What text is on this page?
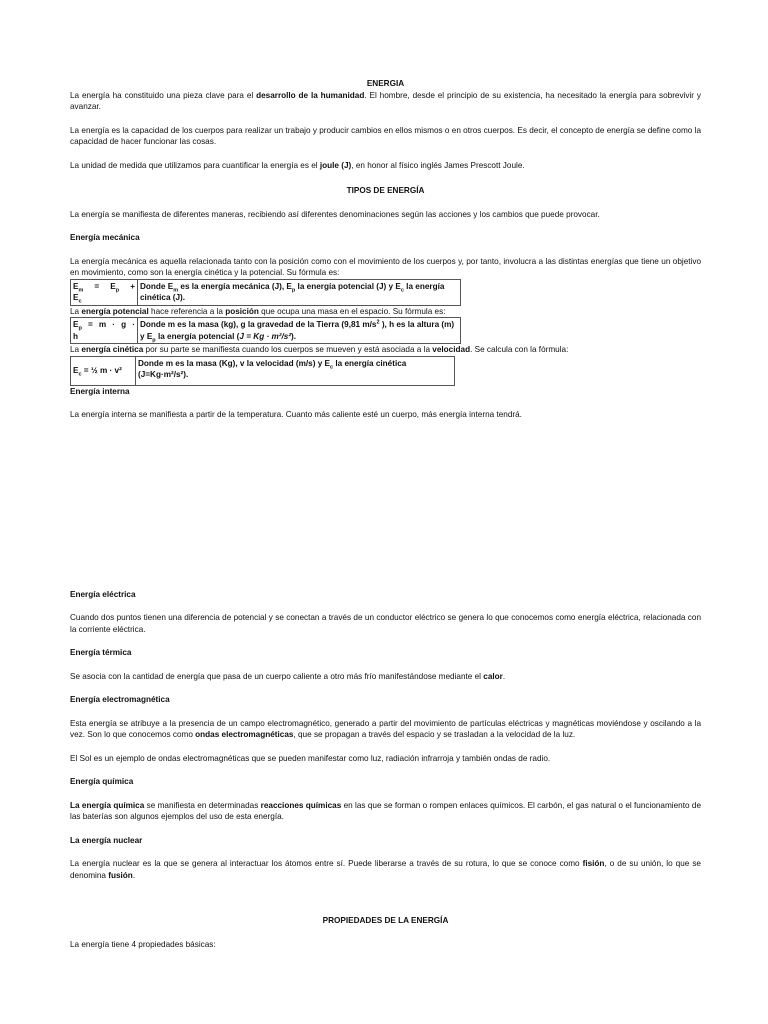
ENERGIA

La energía ha constituido una pieza clave para el desarrollo de la humanidad. El hombre, desde el principio de su existencia, ha necesitado la energía para sobrevivir y avanzar.

La energía es la capacidad de los cuerpos para realizar un trabajo y producir cambios en ellos mismos o en otros cuerpos. Es decir, el concepto de energía se define como la capacidad de hacer funcionar las cosas.

La unidad de medida que utilizamos para cuantificar la energía es el joule (J), en honor al físico inglés James Prescott Joule.

TIPOS DE ENERGÍA

La energía se manifiesta de diferentes maneras, recibiendo así diferentes denominaciones según las acciones y los cambios que puede provocar.

Energía mecánica

La energía mecánica es aquella relacionada tanto con la posición como con el movimiento de los cuerpos y, por tanto, involucra a las distintas energías que tiene un objetivo en movimiento, como son la energía cinética y la potencial. Su fórmula es:

$E_m = E_p$ +
$E_c$
	Donde $E_m$ es la energía mecánica (J), $E_p$ la energía potencial (J) y $E_c$ la energía cinética (J).

La energía potencial hace referencia a la posición que ocupa una masa en el espacio. Su fórmula es:

$E_p = m \cdot g$ ·
h
	Donde m es la masa (kg), g la gravedad de la Tierra (9,81 $m/s^2$ ), h es la altura (m) y $E_p$ la energía potencial (J = Kg · m²/s²).

La energía cinética por su parte se manifiesta cuando los cuerpos se mueven y está asociada a la velocidad. Se calcula con la fórmula:

$E_c$ = ½ m · v²	Donde m es la masa (Kg), v la velocidad (m/s) y $E_c$ la energía cinética (J=Kg·m²/s²).

Energía interna

La energía interna se manifiesta a partir de la temperatura. Cuanto más caliente esté un cuerpo, más energía interna tendrá.

Energía eléctrica

Cuando dos puntos tienen una diferencia de potencial y se conectan a través de un conductor eléctrico se genera lo que conocemos como energía eléctrica, relacionada con la corriente eléctrica.

Energía térmica

Se asocia con la cantidad de energía que pasa de un cuerpo caliente a otro más frío manifestándose mediante el calor.

Energía electromagnética

Esta energía se atribuye a la presencia de un campo electromagnético, generado a partir del movimiento de partículas eléctricas y magnéticas moviéndose y oscilando a la vez. Son lo que conocemos como ondas electromagnéticas, que se propagan a través del espacio y se trasladan a la velocidad de la luz.

El Sol es un ejemplo de ondas electromagnéticas que se pueden manifestar como luz, radiación infrarroja y también ondas de radio.

Energía química

La energía química se manifiesta en determinadas reacciones químicas en las que se forman o rompen enlaces químicos. El carbón, el gas natural o el funcionamiento de las baterías son algunos ejemplos del uso de esta energía.

La energía nuclear

La energía nuclear es la que se genera al interactuar los átomos entre sí. Puede liberarse a través de su rotura, lo que se conoce como fisión, o de su unión, lo que se denomina fusión.

PROPIEDADES DE LA ENERGÍA

La energía tiene 4 propiedades básicas:
